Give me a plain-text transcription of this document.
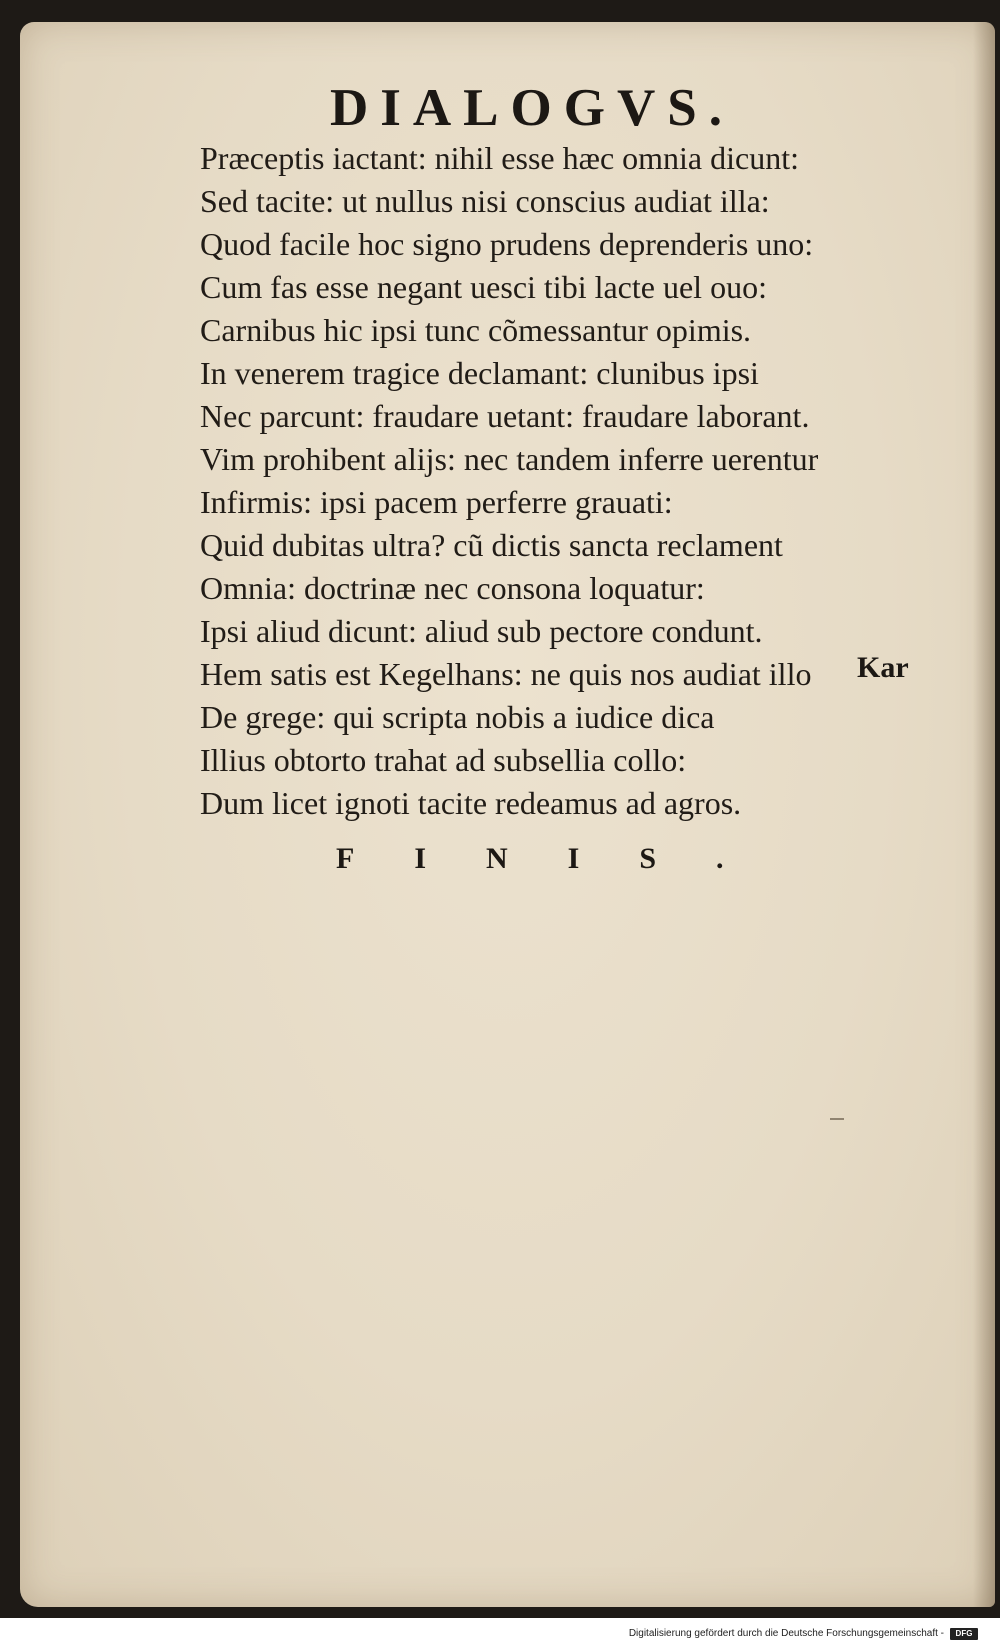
DIALOGVS.
Præceptis iactant: nihil esse hæc omnia dicunt:
Sed tacite: ut nullus nisi conscius audiat illa:
Quod facile hoc signo prudens deprenderis uno:
Cum fas esse negant uesci tibi lacte uel ouo:
Carnibus hic ipsi tunc cõmessantur opimis.
In venerem tragice declamant: clunibus ipsi
Nec parcunt: fraudare uetant: fraudare laborant.
Vim prohibent alijs: nec tandem inferre uerentur
Infirmis: ipsi pacem perferre grauati:
Quid dubitas ultra? cũ dictis sancta reclament
Omnia: doctrinæ nec consona loquatur:
Ipsi aliud dicunt: aliud sub pectore condunt.
Hem satis est Kegelhans: ne quis nos audiat illo
De grege: qui scripta nobis a iudice dica
Illius obtorto trahat ad subsellia collo:
Dum licet ignoti tacite redeamus ad agros.
Kar
FINIS.
Digitalisierung gefördert durch die Deutsche Forschungsgemeinschaft -	DFG
